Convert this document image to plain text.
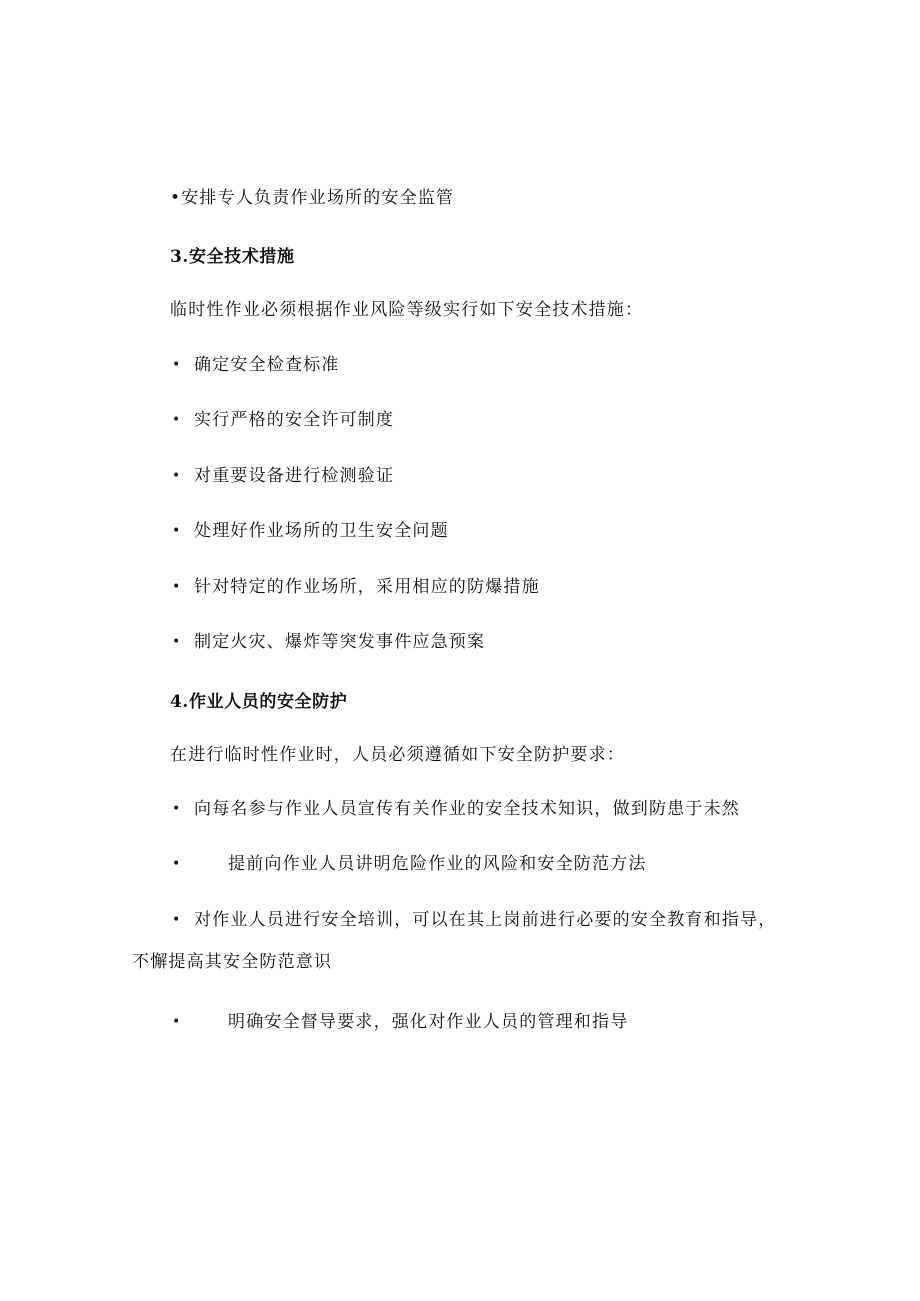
•安排专人负责作业场所的安全监管
3.安全技术措施
临时性作业必须根据作业风险等级实行如下安全技术措施：
• 确定安全检查标准
• 实行严格的安全许可制度
• 对重要设备进行检测验证
• 处理好作业场所的卫生安全问题
• 针对特定的作业场所，采用相应的防爆措施
• 制定火灾、爆炸等突发事件应急预案
4.作业人员的安全防护
在进行临时性作业时，人员必须遵循如下安全防护要求：
• 向每名参与作业人员宣传有关作业的安全技术知识，做到防患于未然
•	提前向作业人员讲明危险作业的风险和安全防范方法
• 对作业人员进行安全培训，可以在其上岗前进行必要的安全教育和指导，
不懈提高其安全防范意识
•	明确安全督导要求，强化对作业人员的管理和指导
